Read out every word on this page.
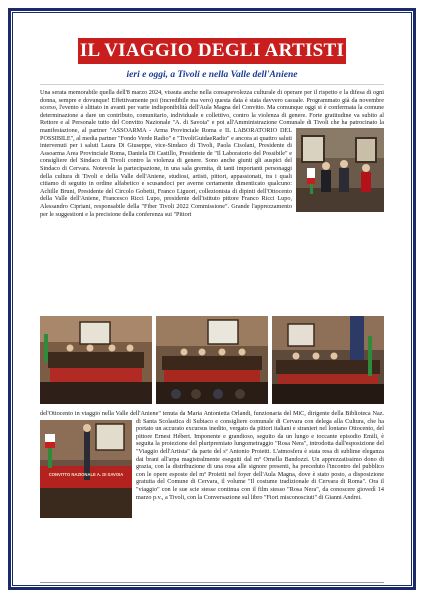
IL VIAGGIO DEGLI ARTISTI
ieri e oggi, a Tivoli e nella Valle dell'Aniene

Una serata memorabile quella dell'8 marzo 2024, vissuta anche nella consapevolezza culturale di operare per il rispetto e la difesa di ogni donna, sempre e dovunque! Effettivamente poi (incredibile ma vero) questa data è stata davvero casuale. Programmato già da novembre scorso, l'evento è slittato in avanti per varie indisponibilità dell'Aula Magna del Convitto. Ma comunque oggi si è confermata la comune determinazione a dare un contributo, comunitario, individuale e collettivo, contro la violenza di genere. Forte gratitudine va subito al Rettore e al Personale tutto del Convitto Nazionale "A. di Savoia" e poi all'Amministrazione Comunale di Tivoli che ha patrocinato la manifestazione, al partner "ASSOARMA - Arma Provinciale Roma e IL LABORATORIO DEL POSSIBILE", al media partner "Fondo Verde Radio" e "TivoliGuidaeRadio" e ancora ai quattro saluti intervenuti per i saluti Laura Di Giuseppe, vice-Sindaco di Tivoli, Paola Cisolani, Presidente di Assoarma Area Provinciale Roma, Daniela Di Castillo, Presidente de "Il Laboratorio del Possibile" e consigliere del Sindaco di Tivoli contro la violenza di genere. Sono anche giunti gli auspici del Sindaco di Cervara. Notevole la partecipazione, in una sala gremita, di tanti importanti personaggi della cultura di Tivoli e della Valle dell'Aniene, studiosi, artisti, pittori, appassionati, tra i quali citiamo di seguito in ordine alfabetico e scusandoci per averne certamente dimenticato qualcuno: Achille Bruni, Presidente del Circolo Gobetti, Franco Liguori, collezionista di dipinti dell'Ottocento della Valle dell'Aniene, Francesco Ricci Lupo, presidente dell'istituto pittore Franco Ricci Lupo, Alessandro Cipriani, responsabile della "Fiber Tivoli 2022 Commissione". Grande l'apprezzamento per le suggestioni e la precisione della conferenza sui "Pittori

CONVITTO NAZIONALE A. DI SAVOIA

del'Ottocento in viaggio nella Valle dell'Aniene" tenuta da Maria Antonietta Orlandi, funzionaria del MiC, dirigente della Biblioteca Naz. di Santa Scolastica di Subiaco e consigliere comunale di Cervara con delega alla Cultura, che ha portato un accurato excursus inedito, vergato da pittori italiani e stranieri nel lontano Ottocento, del pittore Ernest Hébert. Imponente e grandioso, seguito da un lungo e toccante episodio Emili, è seguita la proiezione del pluripremiato lungometraggio "Rosa Nera", introdotta dall'esposizione del "Viaggio dell'Artista" da parte del sº Antonio Proietti. L'atmosfera è stata resa di sublime eleganza dai brani all'arpa magistralmente eseguiti dal mº Ornella Bandozzi. Un apprezzatissimo dono di grazia, con la distribuzione di una rosa alle signore presenti, ha preceduto l'incontro del pubblico con le opere esposte del mº Proietti nel foyer dell'Aula Magna, dove è stato posto, a disposizione gratuita del Comune di Cervara, il volume "Il costume tradizionale di Cervara di Roma". Ora il "viaggio" con le sue scie stesse continua con il film stesso "Rosa Nera", da conoscere giovedì 14 marzo p.v., a Tivoli, con la Conversazione sul libro "Fiori misconosciuti" di Gianni Andrei.
